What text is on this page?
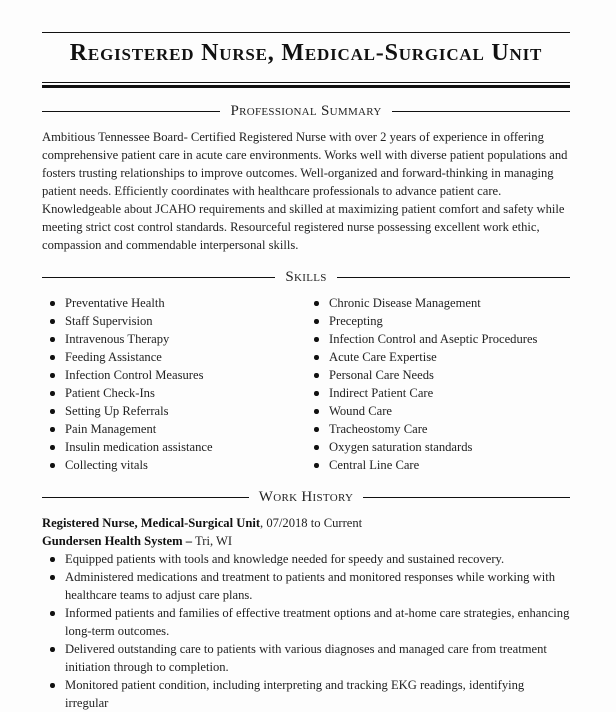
Registered Nurse, Medical-Surgical Unit
Professional Summary

Ambitious Tennessee Board- Certified Registered Nurse with over 2 years of experience in offering comprehensive patient care in acute care environments. Works well with diverse patient populations and fosters trusting relationships to improve outcomes. Well-organized and forward-thinking in managing patient needs. Efficiently coordinates with healthcare professionals to advance patient care. Knowledgeable about JCAHO requirements and skilled at maximizing patient comfort and safety while meeting strict cost control standards. Resourceful registered nurse possessing excellent work ethic, compassion and commendable interpersonal skills.

Skills
Preventative Health
Staff Supervision
Intravenous Therapy
Feeding Assistance
Infection Control Measures
Patient Check-Ins
Setting Up Referrals
Pain Management
Insulin medication assistance
Collecting vitals
Chronic Disease Management
Precepting
Infection Control and Aseptic Procedures
Acute Care Expertise
Personal Care Needs
Indirect Patient Care
Wound Care
Tracheostomy Care
Oxygen saturation standards
Central Line Care
Work History
Registered Nurse, Medical-Surgical Unit, 07/2018 to Current
Gundersen Health System – Tri, WI
Equipped patients with tools and knowledge needed for speedy and sustained recovery.
Administered medications and treatment to patients and monitored responses while working with healthcare teams to adjust care plans.
Informed patients and families of effective treatment options and at-home care strategies, enhancing long-term outcomes.
Delivered outstanding care to patients with various diagnoses and managed care from treatment initiation through to completion.
Monitored patient condition, including interpreting and tracking EKG readings, identifying irregular
